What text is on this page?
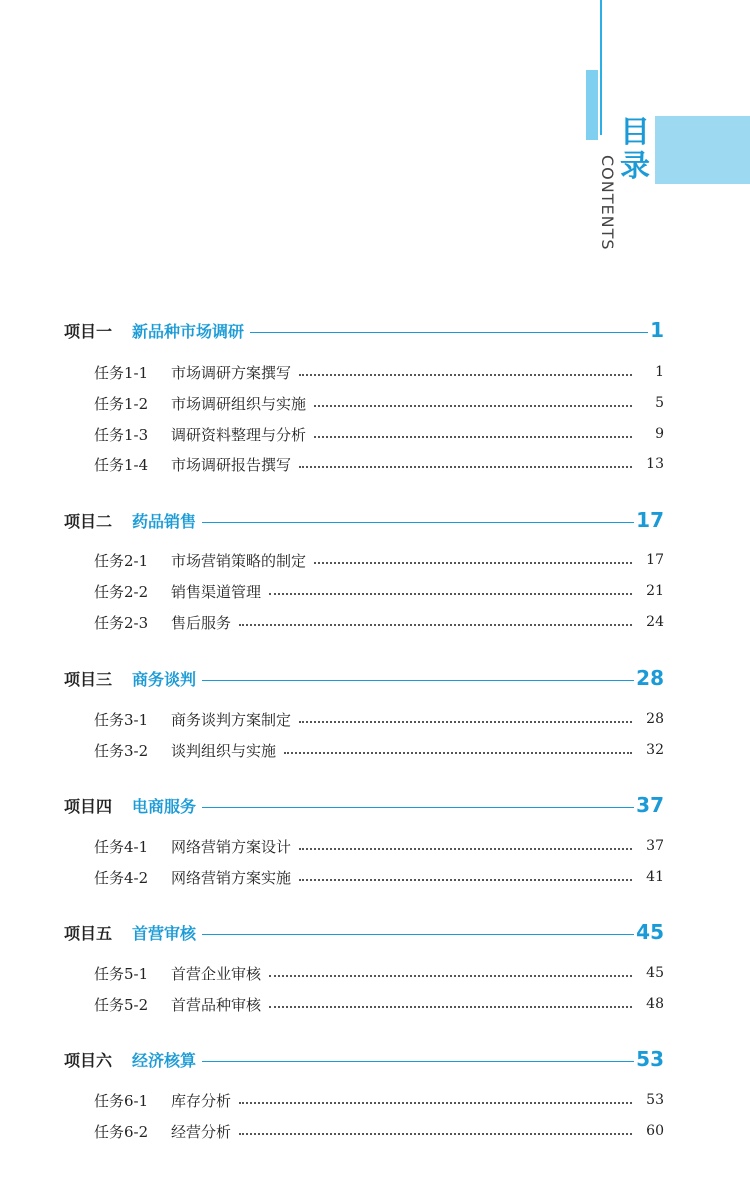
目
录
CONTENTS
项目一	新品种市场调研	1
任务1-1	市场调研方案撰写	1
任务1-2	市场调研组织与实施	5
任务1-3	调研资料整理与分析	9
任务1-4	市场调研报告撰写	13
项目二	药品销售	17
任务2-1	市场营销策略的制定	17
任务2-2	销售渠道管理	21
任务2-3	售后服务	24
项目三	商务谈判	28
任务3-1	商务谈判方案制定	28
任务3-2	谈判组织与实施	32
项目四	电商服务	37
任务4-1	网络营销方案设计	37
任务4-2	网络营销方案实施	41
项目五	首营审核	45
任务5-1	首营企业审核	45
任务5-2	首营品种审核	48
项目六	经济核算	53
任务6-1	库存分析	53
任务6-2	经营分析	60
